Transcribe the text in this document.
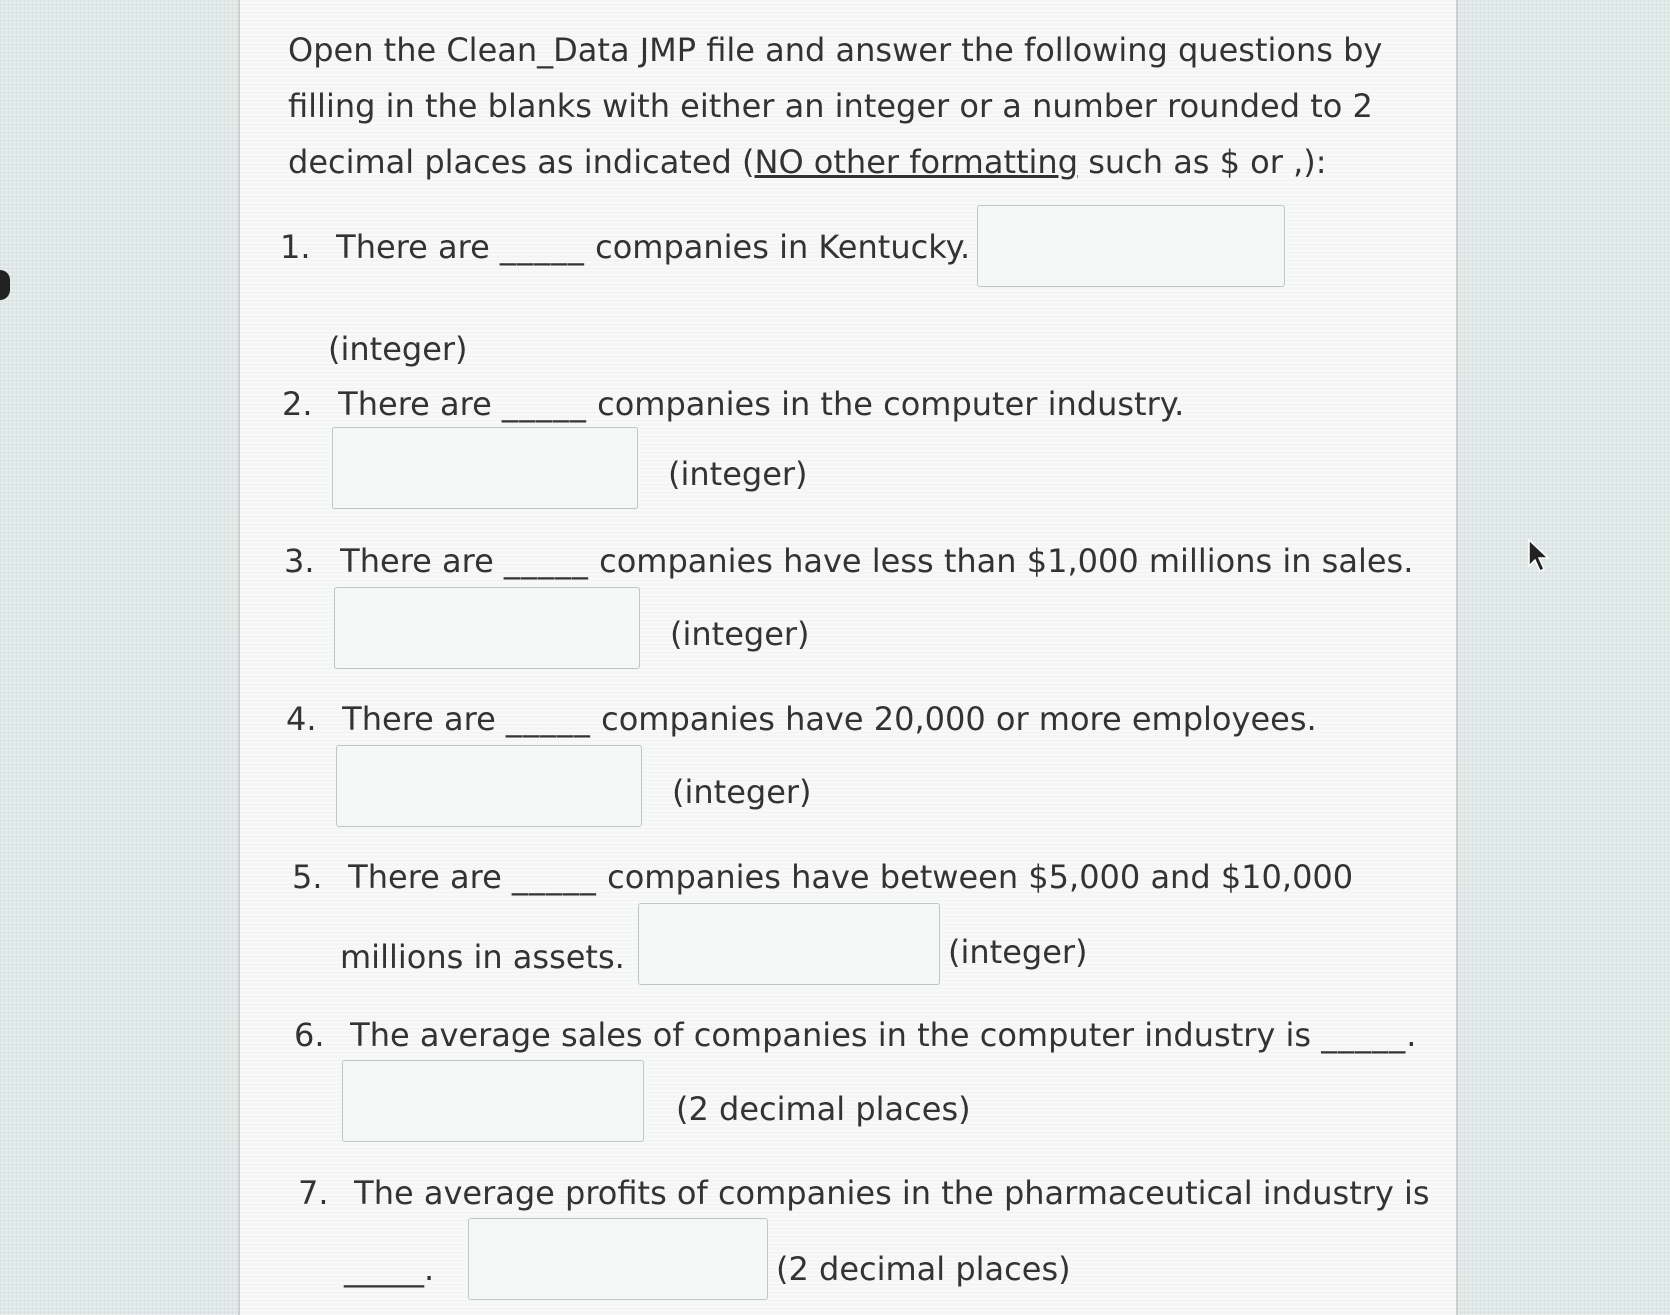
Open the Clean_Data JMP file and answer the following questions by filling in the blanks with either an integer or a number rounded to 2 decimal places as indicated (NO other formatting such as $ or ,):
1. There are _____ companies in Kentucky.
(integer)
2. There are _____ companies in the computer industry.
(integer)
3. There are _____ companies have less than $1,000 millions in sales.
(integer)
4. There are _____ companies have 20,000 or more employees.
(integer)
5. There are _____ companies have between $5,000 and $10,000
millions in assets.	(integer)
6. The average sales of companies in the computer industry is _____.
(2 decimal places)
7. The average profits of companies in the pharmaceutical industry is
_____.	(2 decimal places)
